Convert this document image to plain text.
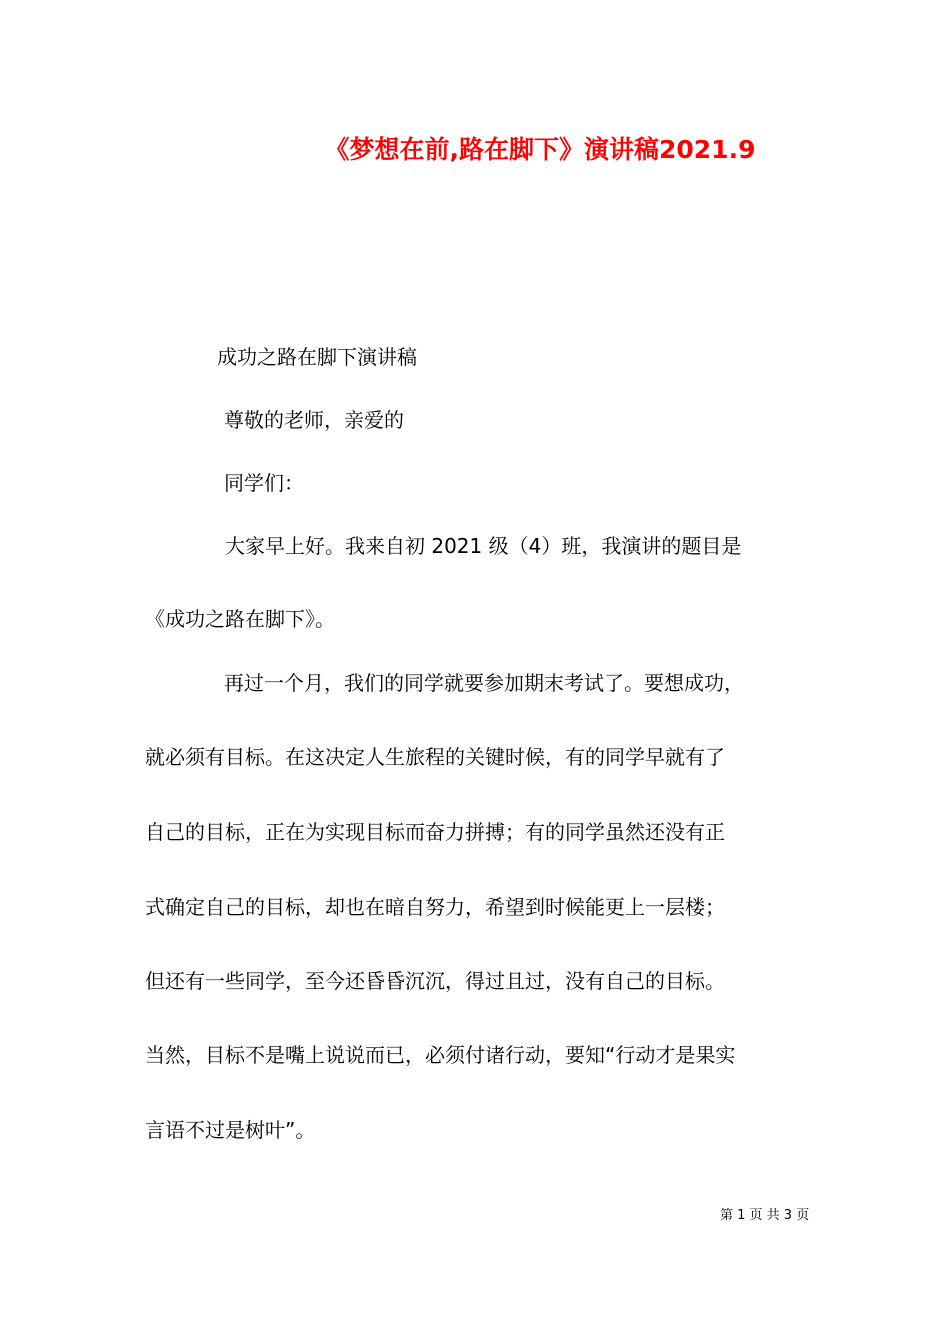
《梦想在前,路在脚下》演讲稿2021.9
成功之路在脚下演讲稿
尊敬的老师，亲爱的
同学们：
大家早上好。我来自初 2021 级（4）班，我演讲的题目是
《成功之路在脚下》。
再过一个月，我们的同学就要参加期末考试了。要想成功，
就必须有目标。在这决定人生旅程的关键时候，有的同学早就有了
自己的目标，正在为实现目标而奋力拼搏；有的同学虽然还没有正
式确定自己的目标，却也在暗自努力，希望到时候能更上一层楼；
但还有一些同学，至今还昏昏沉沉，得过且过，没有自己的目标。
当然，目标不是嘴上说说而已，必须付诸行动，要知“行动才是果实
言语不过是树叶”。
第 1 页 共 3 页
